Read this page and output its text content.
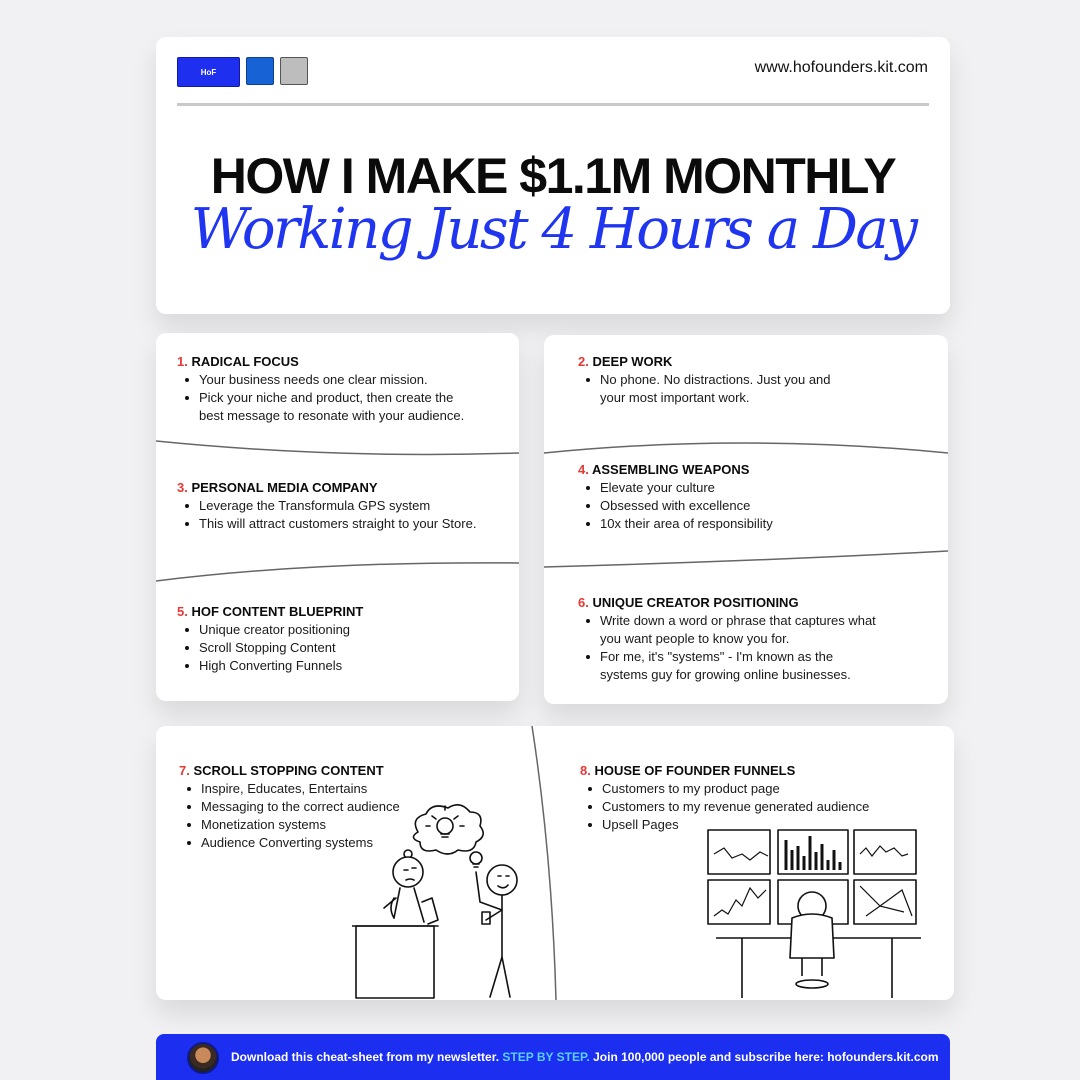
HoF	www.hofounders.kit.com
HOW I MAKE $1.1M MONTHLY
Working Just 4 Hours a Day
1. RADICAL FOCUS
Your business needs one clear mission.
Pick your niche and product, then create the
best message to resonate with your audience.
3. PERSONAL MEDIA COMPANY
Leverage the Transformula GPS system
This will attract customers straight to your Store.
5. HOF CONTENT BLUEPRINT
Unique creator positioning
Scroll Stopping Content
High Converting Funnels
2. DEEP WORK
No phone. No distractions. Just you and
your most important work.
4. ASSEMBLING WEAPONS
Elevate your culture
Obsessed with excellence
10x their area of responsibility
6. UNIQUE CREATOR POSITIONING
Write down a word or phrase that captures what
you want people to know you for.
For me, it's "systems" - I'm known as the
systems guy for growing online businesses.
7. SCROLL STOPPING CONTENT
Inspire, Educates, Entertains
Messaging to the correct audience
Monetization systems
Audience Converting systems
8. HOUSE OF FOUNDER FUNNELS
Customers to my product page
Customers to my revenue generated audience
Upsell Pages
Download this cheat-sheet from my newsletter. STEP BY STEP. Join 100,000 people and subscribe here: hofounders.kit.com
